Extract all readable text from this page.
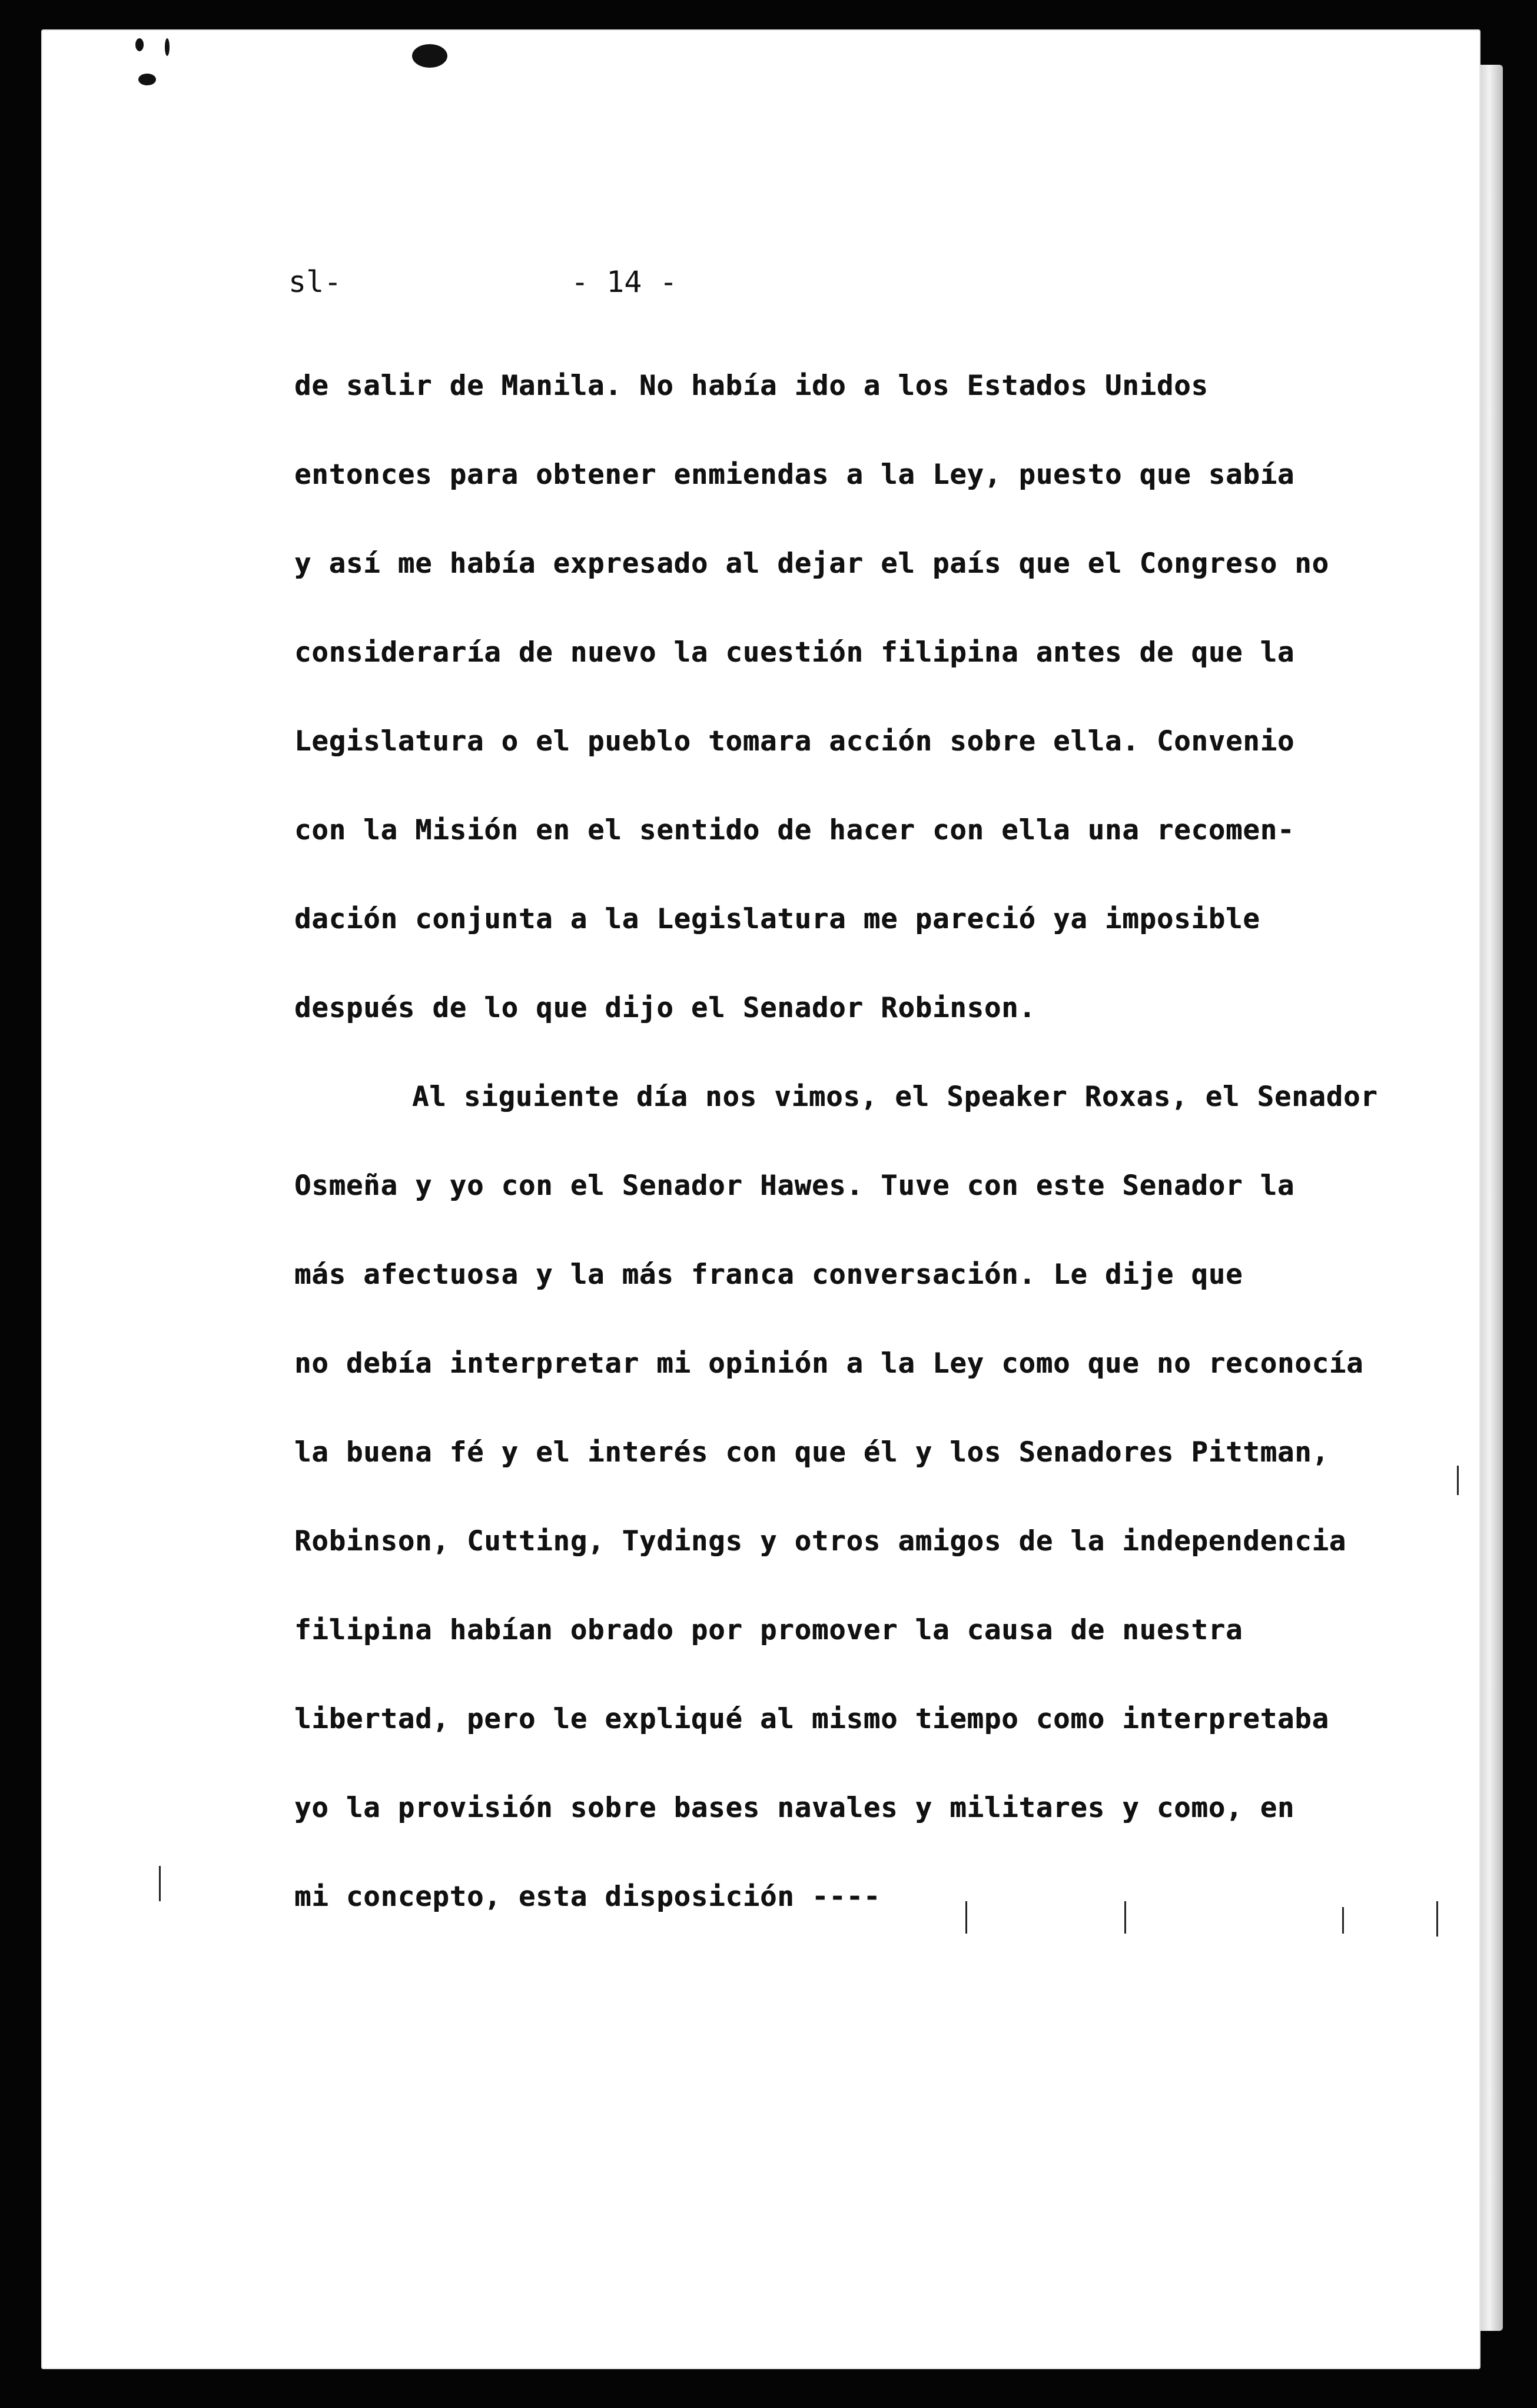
sl-	- 14 -
de salir de Manila. No había ido a los Estados Unidos
entonces para obtener enmiendas a la Ley, puesto que sabía
y así me había expresado al dejar el país que el Congreso no
consideraría de nuevo la cuestión filipina antes de que la
Legislatura o el pueblo tomara acción sobre ella. Convenio
con la Misión en el sentido de hacer con ella una recomen-
dación conjunta a la Legislatura me pareció ya imposible
después de lo que dijo el Senador Robinson.
Al siguiente día nos vimos, el Speaker Roxas, el Senador
Osmeña y yo con el Senador Hawes. Tuve con este Senador la
más afectuosa y la más franca conversación. Le dije que
no debía interpretar mi opinión a la Ley como que no reconocía
la buena fé y el interés con que él y los Senadores Pittman,
Robinson, Cutting, Tydings y otros amigos de la independencia
filipina habían obrado por promover la causa de nuestra
libertad, pero le expliqué al mismo tiempo como interpretaba
yo la provisión sobre bases navales y militares y como, en
mi concepto, esta disposición ----
